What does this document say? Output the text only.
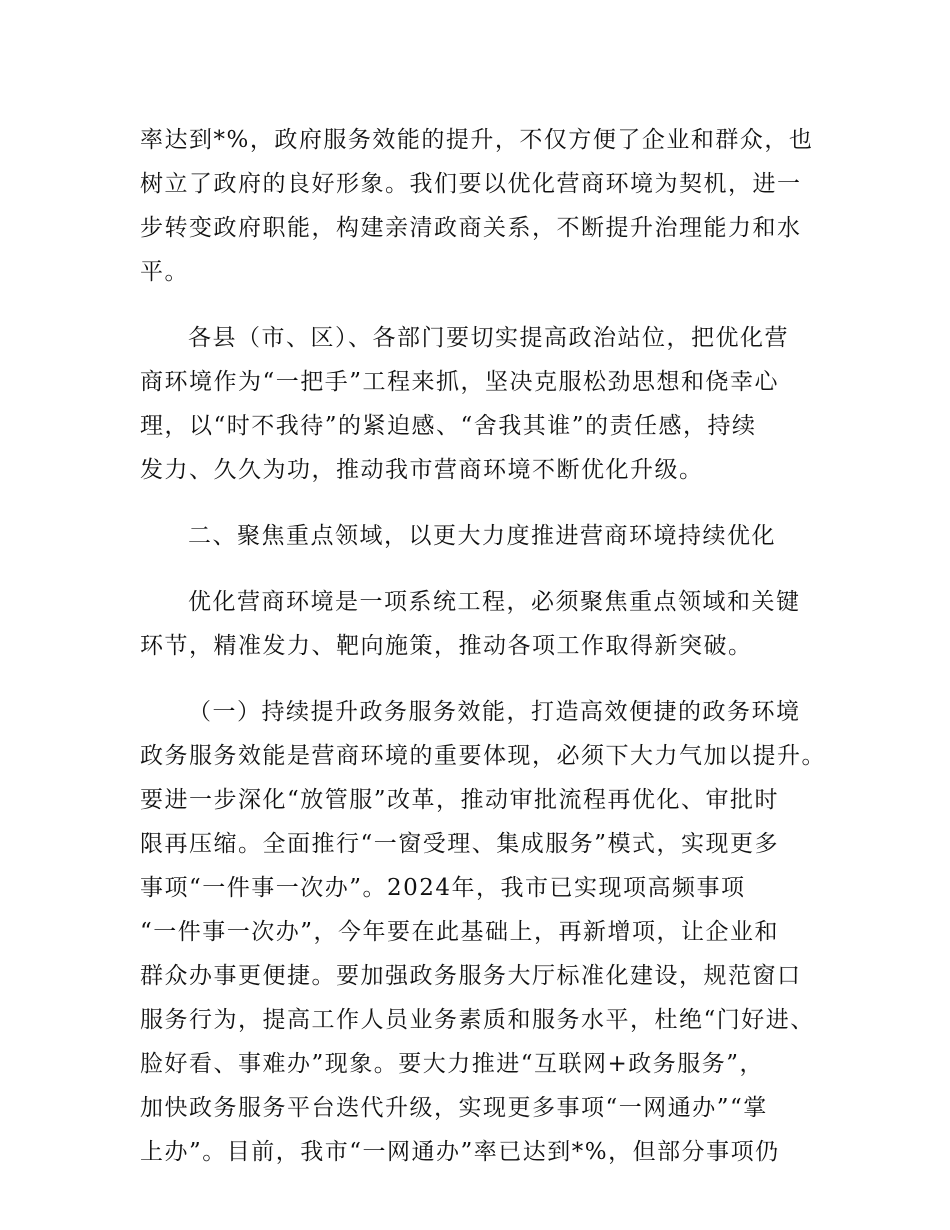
率达到*%，政府服务效能的提升，不仅方便了企业和群众，也
树立了政府的良好形象。我们要以优化营商环境为契机，进一
步转变政府职能，构建亲清政商关系，不断提升治理能力和水
平。
各县（市、区）、各部门要切实提高政治站位，把优化营
商环境作为“一把手”工程来抓，坚决克服松劲思想和侥幸心
理，以“时不我待”的紧迫感、“舍我其谁”的责任感，持续
发力、久久为功，推动我市营商环境不断优化升级。
二、聚焦重点领域，以更大力度推进营商环境持续优化
优化营商环境是一项系统工程，必须聚焦重点领域和关键
环节，精准发力、靶向施策，推动各项工作取得新突破。
（一）持续提升政务服务效能，打造高效便捷的政务环境
政务服务效能是营商环境的重要体现，必须下大力气加以提升。
要进一步深化“放管服”改革，推动审批流程再优化、审批时
限再压缩。全面推行“一窗受理、集成服务”模式，实现更多
事项“一件事一次办”。2024年，我市已实现项高频事项
“一件事一次办”，今年要在此基础上，再新增项，让企业和
群众办事更便捷。要加强政务服务大厅标准化建设，规范窗口
服务行为，提高工作人员业务素质和服务水平，杜绝“门好进、
脸好看、事难办”现象。要大力推进“互联网+政务服务”，
加快政务服务平台迭代升级，实现更多事项“一网通办”“掌
上办”。目前，我市“一网通办”率已达到*%，但部分事项仍
